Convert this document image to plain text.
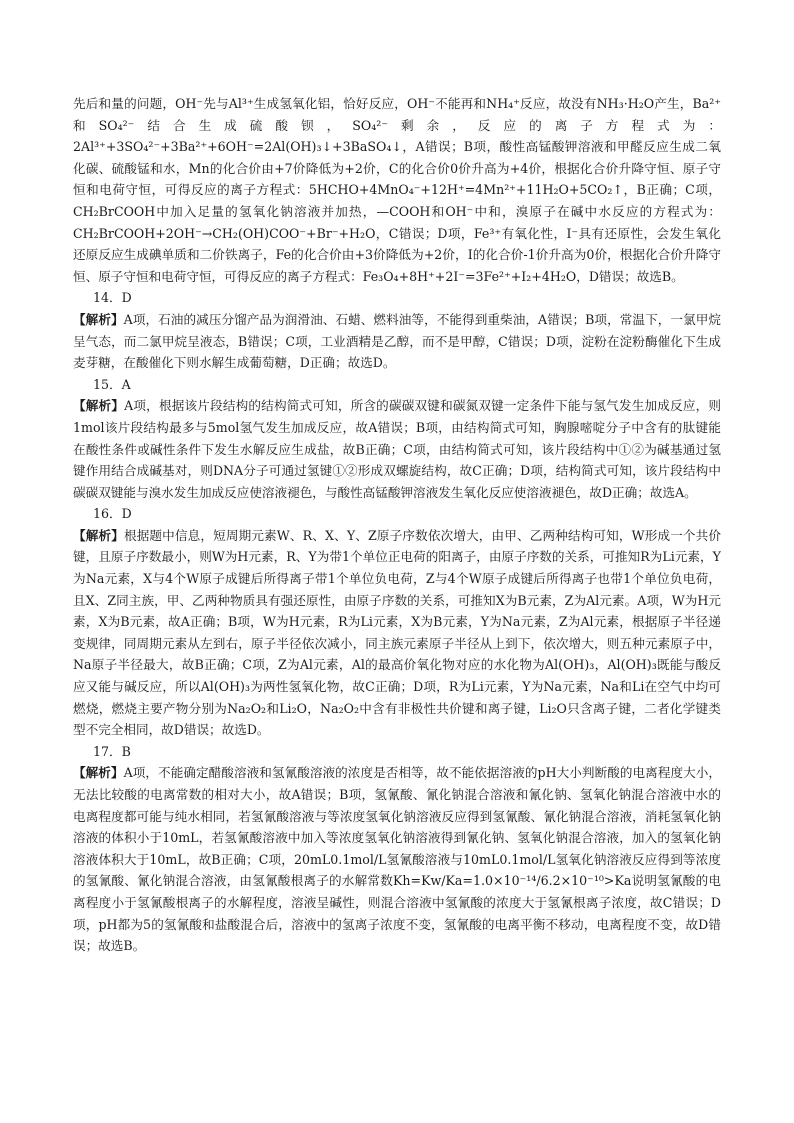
先后和量的问题，OH⁻先与Al³⁺生成氢氧化铝，恰好反应，OH⁻不能再和NH₄⁺反应，故没有NH₃·H₂O产生，Ba²⁺和SO₄²⁻结合生成硫酸钡，SO₄²⁻剩余，反应的离子方程式为：2Al³⁺+3SO₄²⁻+3Ba²⁺+6OH⁻=2Al(OH)₃↓+3BaSO₄↓，A错误；B项，酸性高锰酸钾溶液和甲醛反应生成二氧化碳、硫酸锰和水，Mn的化合价由+7价降低为+2价，C的化合价0价升高为+4价，根据化合价升降守恒、原子守恒和电荷守恒，可得反应的离子方程式：5HCHO+4MnO₄⁻+12H⁺=4Mn²⁺+11H₂O+5CO₂↑，B正确；C项，CH₂BrCOOH中加入足量的氢氧化钠溶液并加热，—COOH和OH⁻中和，溴原子在碱中水反应的方程式为：CH₂BrCOOH+2OH⁻→CH₂(OH)COO⁻+Br⁻+H₂O，C错误；D项，Fe³⁺有氧化性，I⁻具有还原性，会发生氧化还原反应生成碘单质和二价铁离子，Fe的化合价由+3价降低为+2价，I的化合价-1价升高为0价，根据化合价升降守恒、原子守恒和电荷守恒，可得反应的离子方程式：Fe₃O₄+8H⁺+2I⁻=3Fe²⁺+I₂+4H₂O，D错误；故选B。

14．D

【解析】A项，石油的减压分馏产品为润滑油、石蜡、燃料油等，不能得到重柴油，A错误；B项，常温下，一氯甲烷呈气态，而二氯甲烷呈液态，B错误；C项，工业酒精是乙醇，而不是甲醇，C错误；D项，淀粉在淀粉酶催化下生成麦芽糖，在酸催化下则水解生成葡萄糖，D正确；故选D。

15．A

【解析】A项，根据该片段结构的结构简式可知，所含的碳碳双键和碳氮双键一定条件下能与氢气发生加成反应，则1mol该片段结构最多与5mol氢气发生加成反应，故A错误；B项，由结构简式可知，胸腺嘧啶分子中含有的肽键能在酸性条件或碱性条件下发生水解反应生成盐，故B正确；C项，由结构简式可知，该片段结构中①②为碱基通过氢键作用结合成碱基对，则DNA分子可通过氢键①②形成双螺旋结构，故C正确；D项，结构简式可知，该片段结构中碳碳双键能与溴水发生加成反应使溶液褪色，与酸性高锰酸钾溶液发生氧化反应使溶液褪色，故D正确；故选A。

16．D

【解析】根据题中信息，短周期元素W、R、X、Y、Z原子序数依次增大，由甲、乙两种结构可知，W形成一个共价键，且原子序数最小，则W为H元素，R、Y为带1个单位正电荷的阳离子，由原子序数的关系，可推知R为Li元素，Y为Na元素，X与4个W原子成键后所得离子带1个单位负电荷，Z与4个W原子成键后所得离子也带1个单位负电荷，且X、Z同主族，甲、乙两种物质具有强还原性，由原子序数的关系，可推知X为B元素，Z为Al元素。A项，W为H元素，X为B元素，故A正确；B项，W为H元素，R为Li元素，X为B元素，Y为Na元素，Z为Al元素，根据原子半径递变规律，同周期元素从左到右，原子半径依次减小，同主族元素原子半径从上到下，依次增大，则五种元素原子中，Na原子半径最大，故B正确；C项，Z为Al元素，Al的最高价氧化物对应的水化物为Al(OH)₃，Al(OH)₃既能与酸反应又能与碱反应，所以Al(OH)₃为两性氢氧化物，故C正确；D项，R为Li元素，Y为Na元素，Na和Li在空气中均可燃烧，燃烧主要产物分别为Na₂O₂和Li₂O，Na₂O₂中含有非极性共价键和离子键，Li₂O只含离子键，二者化学键类型不完全相同，故D错误；故选D。

17．B

【解析】A项，不能确定醋酸溶液和氢氰酸溶液的浓度是否相等，故不能依据溶液的pH大小判断酸的电离程度大小，无法比较酸的电离常数的相对大小，故A错误；B项，氢氰酸、氰化钠混合溶液和氰化钠、氢氧化钠混合溶液中水的电离程度都可能与纯水相同，若氢氰酸溶液与等浓度氢氧化钠溶液反应得到氢氰酸、氰化钠混合溶液，消耗氢氧化钠溶液的体积小于10mL，若氢氰酸溶液中加入等浓度氢氧化钠溶液得到氰化钠、氢氧化钠混合溶液，加入的氢氧化钠溶液体积大于10mL，故B正确；C项，20mL0.1mol/L氢氰酸溶液与10mL0.1mol/L氢氧化钠溶液反应得到等浓度的氢氰酸、氰化钠混合溶液，由氢氰酸根离子的水解常数Kh=Kw/Ka=1.0×10⁻¹⁴/6.2×10⁻¹⁰>Ka说明氢氰酸的电离程度小于氢氰酸根离子的水解程度，溶液呈碱性，则混合溶液中氢氰酸的浓度大于氢氰根离子浓度，故C错误；D项，pH都为5的氢氰酸和盐酸混合后，溶液中的氢离子浓度不变，氢氰酸的电离平衡不移动，电离程度不变，故D错误；故选B。
